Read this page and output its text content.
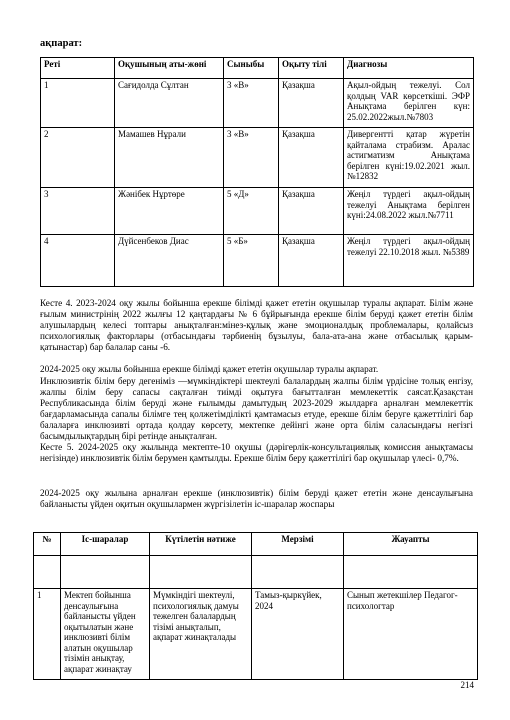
ақпарат:
Реті	Оқушының аты-жөні	Сыныбы	Оқыту тілі	Диагнозы
1	Сағидолда Сұлтан	3 «В»	Қазақша	Ақыл-ойдың тежелуі. Сол қолдың VAR көрсеткіші. ЭФР Анықтама берілген күн: 25.02.2022жыл.№7803
2	Мамашев Нұрали	3 «В»	Қазақша	Дивергентті қатар жүретін қайталама страбизм. Аралас астигматизм Анықтама берілген күні:19.02.2021 жыл.№12832
3	Жәнібек Нұртөре	5 «Д»	Қазақша	Жеңіл түрдегі ақыл-ойдың тежелуі Анықтама берілген күні:24.08.2022 жыл.№7711
4	Дүйсенбеков Диас	5 «Б»	Қазақша	Жеңіл түрдегі ақыл-ойдың тежелуі 22.10.2018 жыл. №5389
Кесте 4. 2023-2024 оқу жылы бойынша ерекше білімді қажет ететін оқушылар туралы ақпарат. Білім және ғылым министрінің 2022 жылғы 12 қаңтардағы № 6 бұйрығында ерекше білім беруді қажет ететін білім алушылардың келесі топтары анықталған:мінез-құлық және эмоционалдық проблемалары, қолайсыз психологиялық факторлары (отбасындағы тәрбиенің бұзылуы, бала-ата-ана және отбасылық қарым-қатынастар) бар балалар саны -6.
2024-2025 оқу жылы бойынша ерекше білімді қажет ететін оқушылар туралы ақпарат.
Инклюзивтік білім беру дегеніміз —мүмкіндіктері шектеулі балалардың жалпы білім үрдісіне толық енгізу, жалпы білім беру сапасы сақталған тиімді оқытуға бағытталған мемлекеттік саясат.Қазақстан Республикасында білім беруді және ғылымды дамытудың 2023-2029 жылдарға арналған мемлекеттік бағдарламасында сапалы білімге тең қолжетімділікті қамтамасыз етуде, ерекше білім беруге қажеттілігі бар балаларға инклюзивті ортада қолдау көрсету, мектепке дейінгі және орта білім саласындағы негізгі басымдылықтардың бірі ретінде анықталған.
Кесте 5. 2024-2025 оқу жылында мектепте-10 оқушы (дәрігерлік-консультациялық комиссия анықтамасы негізінде) инклюзивтік білім берумен қамтылды. Ерекше білім беру қажеттілігі бар оқушылар үлесі- 0,7%.
2024-2025 оқу жылына арналған ерекше (инклюзивтік) білім беруді қажет ететін және денсаулығына байланысты үйден оқитын оқушылармен жүргізілетін іс-шаралар жоспары
№	Іс-шаралар	Күтілетін нәтиже	Мерзімі	Жауапты

1	Мектеп бойынша денсаулығына байланысты үйден оқытылатын және инклюзивті білім алатын оқушылар тізімін анықтау, ақпарат жинақтау	Мүмкіндігі шектеулі, психологиялық дамуы тежелген балалардың тізімі анықталып, ақпарат жинақталады	Тамыз-қыркүйек, 2024	Сынып жетекшілер Педагог-психологтар
214
